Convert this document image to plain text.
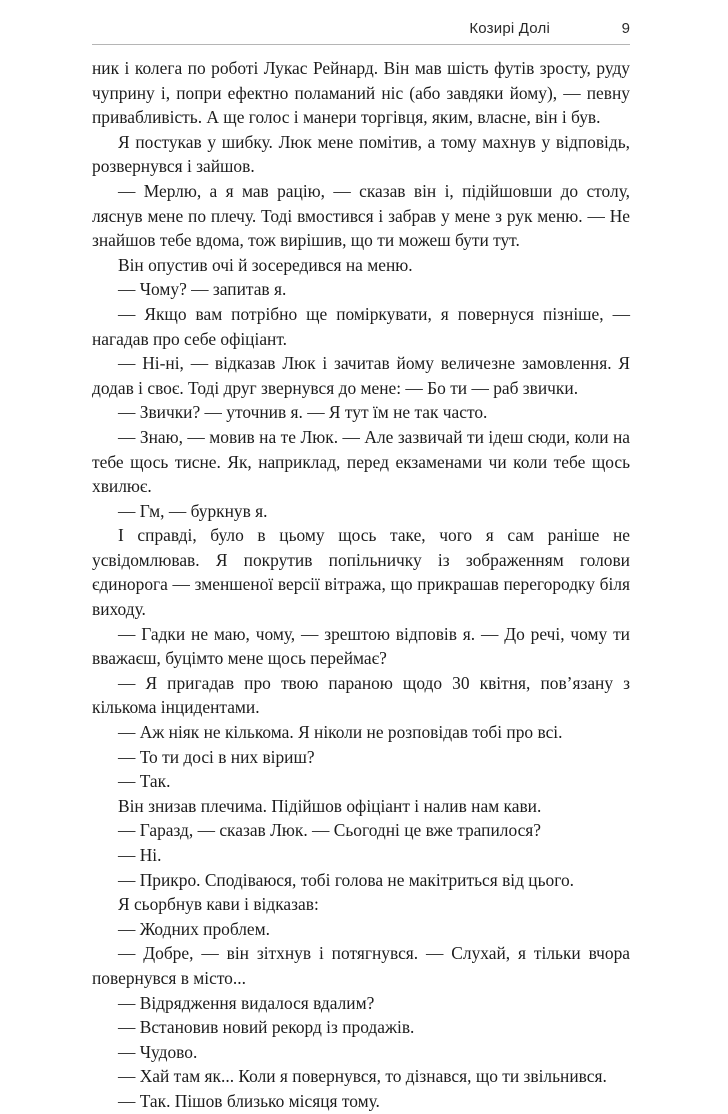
Козирі Долі	9

ник і колега по роботі Лукас Рейнард. Він мав шість футів зросту, руду чуприну і, попри ефектно поламаний ніс (або завдяки йому), — певну привабливість. А ще голос і манери торгівця, яким, власне, він і був.

Я постукав у шибку. Люк мене помітив, а тому махнув у відповідь, розвернувся і зайшов.

— Мерлю, а я мав рацію, — сказав він і, підійшовши до столу, ляснув мене по плечу. Тоді вмостився і забрав у мене з рук меню. — Не знайшов тебе вдома, тож вирішив, що ти можеш бути тут.

Він опустив очі й зосередився на меню.

— Чому? — запитав я.

— Якщо вам потрібно ще поміркувати, я повернуся пізніше, — нагадав про себе офіціант.

— Ні-ні, — відказав Люк і зачитав йому величезне замовлення. Я додав і своє. Тоді друг звернувся до мене: — Бо ти — раб звички.

— Звички? — уточнив я. — Я тут їм не так часто.

— Знаю, — мовив на те Люк. — Але зазвичай ти ідеш сюди, коли на тебе щось тисне. Як, наприклад, перед екзаменами чи коли тебе щось хвилює.

— Гм, — буркнув я.

І справді, було в цьому щось таке, чого я сам раніше не усвідомлював. Я покрутив попільничку із зображенням голови єдинорога — зменшеної версії вітража, що прикрашав перегородку біля виходу.

— Гадки не маю, чому, — зрештою відповів я. — До речі, чому ти вважаєш, буцімто мене щось переймає?

— Я пригадав про твою параною щодо 30 квітня, пов’язану з кількома інцидентами.

— Аж ніяк не кількома. Я ніколи не розповідав тобі про всі.

— То ти досі в них віриш?

— Так.

Він знизав плечима. Підійшов офіціант і налив нам кави.

— Гаразд, — сказав Люк. — Сьогодні це вже трапилося?

— Ні.

— Прикро. Сподіваюся, тобі голова не макітриться від цього.

Я сьорбнув кави і відказав:

— Жодних проблем.

— Добре, — він зітхнув і потягнувся. — Слухай, я тільки вчора повернувся в місто...

— Відрядження видалося вдалим?

— Встановив новий рекорд із продажів.

— Чудово.

— Хай там як... Коли я повернувся, то дізнався, що ти звільнився.

— Так. Пішов близько місяця тому.
